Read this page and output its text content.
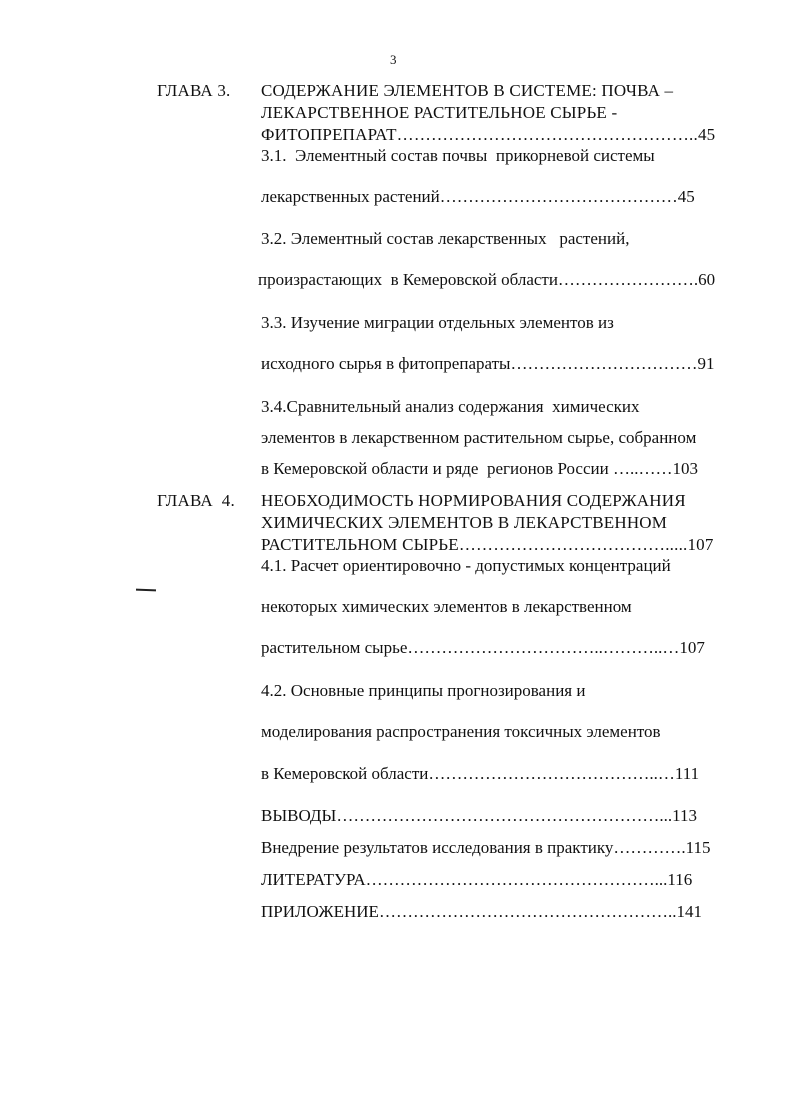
3
ГЛАВА 3. СОДЕРЖАНИЕ ЭЛЕМЕНТОВ В СИСТЕМЕ: ПОЧВА –
ЛЕКАРСТВЕННОЕ РАСТИТЕЛЬНОЕ СЫРЬЕ -
ФИТОПРЕПАРАТ……………………………………………..45
3.1.  Элементный состав почвы  прикорневой системы
лекарственных растений……………………………………45
3.2. Элементный состав лекарственных   растений,
произрастающих  в Кемеровской области…………………….60
3.3. Изучение миграции отдельных элементов из
исходного сырья в фитопрепараты……………………………91
3.4.Сравнительный анализ содержания  химических
элементов в лекарственном растительном сырье, собранном
в Кемеровской области и ряде  регионов России …..……103
ГЛАВА  4. НЕОБХОДИМОСТЬ НОРМИРОВАНИЯ СОДЕРЖАНИЯ
ХИМИЧЕСКИХ ЭЛЕМЕНТОВ В ЛЕКАРСТВЕННОМ
РАСТИТЕЛЬНОМ СЫРЬЕ……………………………….....107
4.1. Расчет ориентировочно - допустимых концентраций
некоторых химических элементов в лекарственном
растительном сырье……………………………..………..…107
4.2. Основные принципы прогнозирования и
моделирования распространения токсичных элементов
в Кемеровской области…………………………………..…111
ВЫВОДЫ…………………………………………………...113
Внедрение результатов исследования в практику………….115
ЛИТЕРАТУРА……………………………………………...116
ПРИЛОЖЕНИЕ……………………………………………..141
